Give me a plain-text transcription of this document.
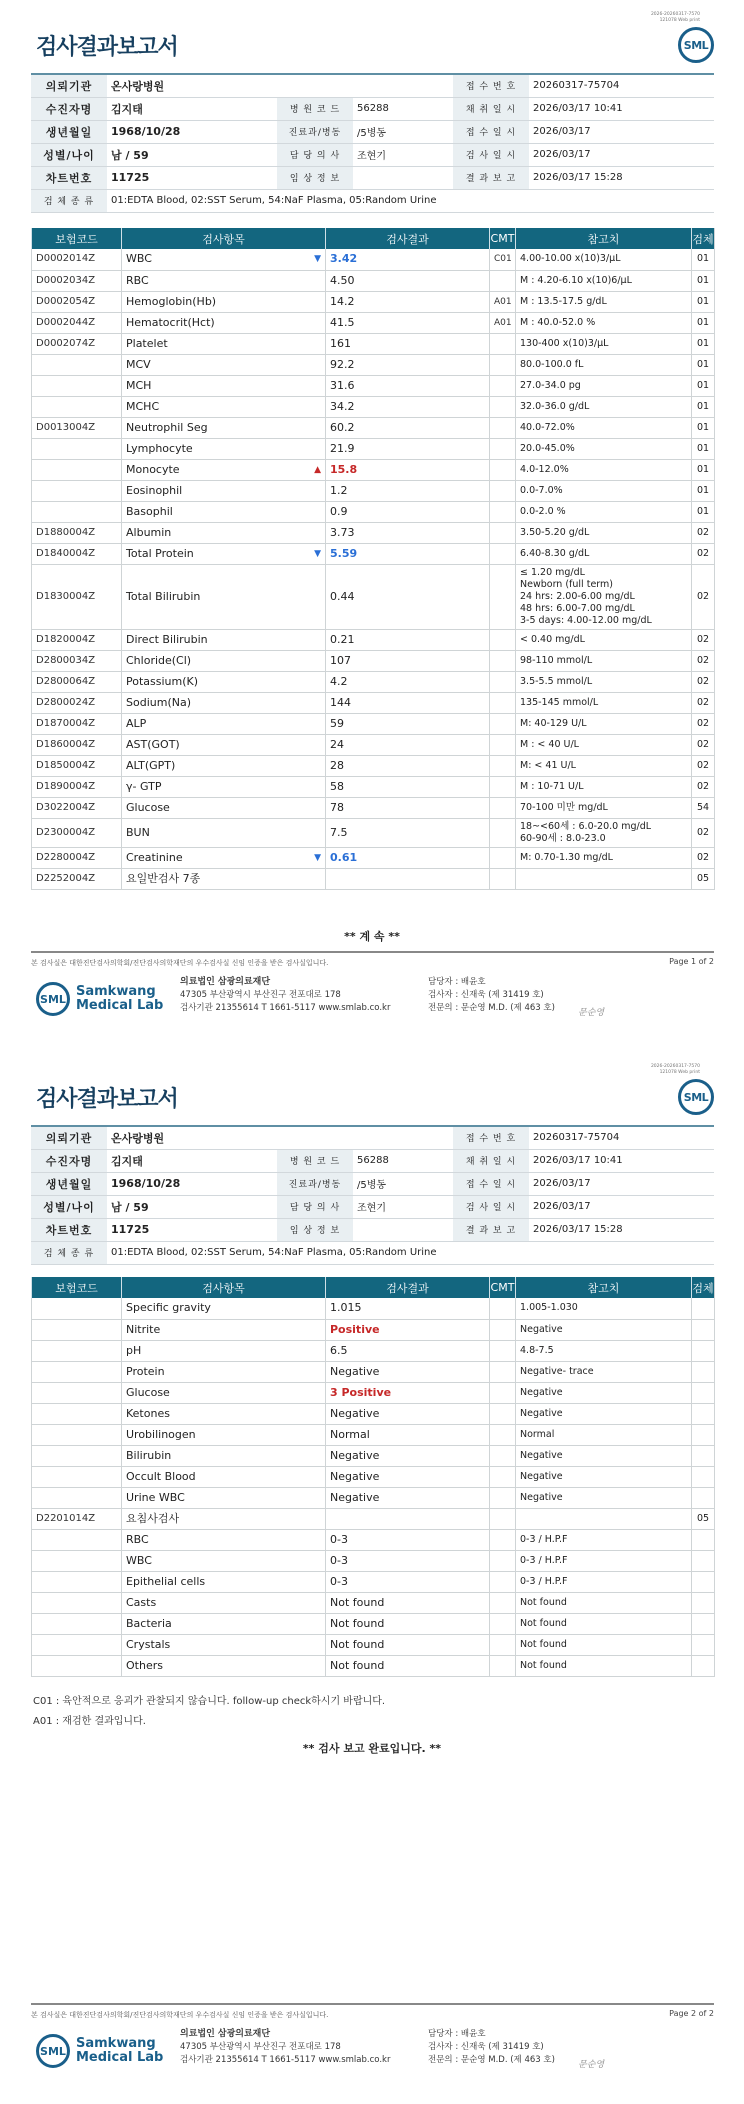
2026-20260317-7570
121078 Web print
검사결과보고서	SML
의뢰기관	온사랑병원			접 수 번 호	20260317-75704
수진자명	김지태	병 원 코 드	56288	채 취 일 시	2026/03/17 10:41
생년월일	1968/10/28	진료과/병동	/5병동	접 수 일 시	2026/03/17
성별/나이	남 / 59	담 당 의 사	조현기	검 사 일 시	2026/03/17
차트번호	11725	임 상 정 보		결 과 보 고	2026/03/17 15:28
검 체 종 류	01:EDTA Blood, 02:SST Serum, 54:NaF Plasma, 05:Random Urine				
보험코드	검사항목	검사결과	CMT	참고치	검체
D0002014Z	WBC ▼	3.42	C01	4.00-10.00 x(10)3/μL	01
D0002034Z	RBC	4.50		M : 4.20-6.10 x(10)6/μL	01
D0002054Z	Hemoglobin(Hb)	14.2	A01	M : 13.5-17.5 g/dL	01
D0002044Z	Hematocrit(Hct)	41.5	A01	M : 40.0-52.0 %	01
D0002074Z	Platelet	161		130-400 x(10)3/μL	01
	MCV	92.2		80.0-100.0 fL	01
	MCH	31.6		27.0-34.0 pg	01
	MCHC	34.2		32.0-36.0 g/dL	01
D0013004Z	Neutrophil Seg	60.2		40.0-72.0%	01
	Lymphocyte	21.9		20.0-45.0%	01
	Monocyte ▲	15.8		4.0-12.0%	01
	Eosinophil	1.2		0.0-7.0%	01
	Basophil	0.9		0.0-2.0 %	01
D1880004Z	Albumin	3.73		3.50-5.20 g/dL	02
D1840004Z	Total Protein ▼	5.59		6.40-8.30 g/dL	02
D1830004Z	Total Bilirubin	0.44		≤ 1.20 mg/dL
Newborn (full term)
24 hrs: 2.00-6.00 mg/dL
48 hrs: 6.00-7.00 mg/dL
3-5 days: 4.00-12.00 mg/dL	02
D1820004Z	Direct Bilirubin	0.21		< 0.40 mg/dL	02
D2800034Z	Chloride(Cl)	107		98-110 mmol/L	02
D2800064Z	Potassium(K)	4.2		3.5-5.5 mmol/L	02
D2800024Z	Sodium(Na)	144		135-145 mmol/L	02
D1870004Z	ALP	59		M: 40-129 U/L	02
D1860004Z	AST(GOT)	24		M : < 40 U/L	02
D1850004Z	ALT(GPT)	28		M: < 41 U/L	02
D1890004Z	γ- GTP	58		M : 10-71 U/L	02
D3022004Z	Glucose	78		70-100 미만 mg/dL	54
D2300004Z	BUN	7.5		18~<60세 : 6.0-20.0 mg/dL
60-90세 : 8.0-23.0	02
D2280004Z	Creatinine ▼	0.61		M: 0.70-1.30 mg/dL	02
D2252004Z	요일반검사 7종				05
** 계 속 **
본 검사실은 대한진단검사의학회/진단검사의학재단의 우수검사실 신임 인증을 받은 검사실입니다.	Page 1 of 2
SML Samkwang
Medical Lab
의료법인 삼광의료재단
47305 부산광역시 부산진구 전포대로 178
검사기관 21355614 T 1661-5117 www.smlab.co.kr
담당자 : 배윤호
검사자 : 신재욱 (제 31419 호)
전문의 : 문순영 M.D. (제 463 호)	문순영
2026-20260317-7570
121078 Web print
검사결과보고서	SML
의뢰기관	온사랑병원			접 수 번 호	20260317-75704
수진자명	김지태	병 원 코 드	56288	채 취 일 시	2026/03/17 10:41
생년월일	1968/10/28	진료과/병동	/5병동	접 수 일 시	2026/03/17
성별/나이	남 / 59	담 당 의 사	조현기	검 사 일 시	2026/03/17
차트번호	11725	임 상 정 보		결 과 보 고	2026/03/17 15:28
검 체 종 류	01:EDTA Blood, 02:SST Serum, 54:NaF Plasma, 05:Random Urine				
보험코드	검사항목	검사결과	CMT	참고치	검체
	Specific gravity	1.015		1.005-1.030	
	Nitrite	Positive		Negative	
	pH	6.5		4.8-7.5	
	Protein	Negative		Negative- trace	
	Glucose	3 Positive		Negative	
	Ketones	Negative		Negative	
	Urobilinogen	Normal		Normal	
	Bilirubin	Negative		Negative	
	Occult Blood	Negative		Negative	
	Urine WBC	Negative		Negative	
D2201014Z	요침사검사				05
	RBC	0-3		0-3 / H.P.F	
	WBC	0-3		0-3 / H.P.F	
	Epithelial cells	0-3		0-3 / H.P.F	
	Casts	Not found		Not found	
	Bacteria	Not found		Not found	
	Crystals	Not found		Not found	
	Others	Not found		Not found	
C01 : 육안적으로 응괴가 관찰되지 않습니다. follow-up check하시기 바랍니다.
A01 : 재검한 결과입니다.
** 검사 보고 완료입니다. **
본 검사실은 대한진단검사의학회/진단검사의학재단의 우수검사실 신임 인증을 받은 검사실입니다.	Page 2 of 2
SML Samkwang
Medical Lab
의료법인 삼광의료재단
47305 부산광역시 부산진구 전포대로 178
검사기관 21355614 T 1661-5117 www.smlab.co.kr
담당자 : 배윤호
검사자 : 신재욱 (제 31419 호)
전문의 : 문순영 M.D. (제 463 호)	문순영
